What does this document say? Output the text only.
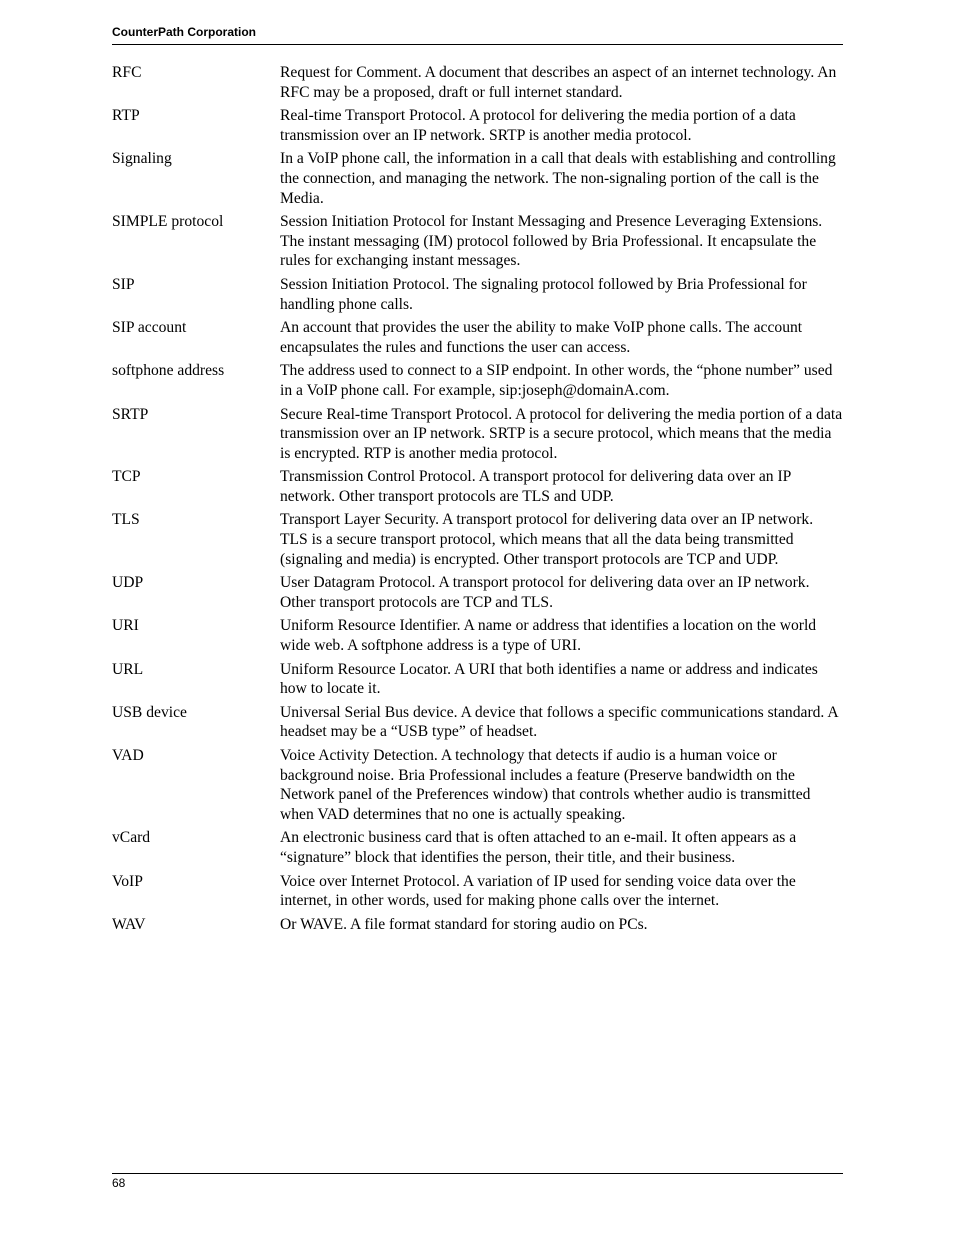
CounterPath Corporation
RFC	Request for Comment. A document that describes an aspect of an internet technology. An RFC may be a proposed, draft or full internet standard.
RTP	Real-time Transport Protocol. A protocol for delivering the media portion of a data transmission over an IP network. SRTP is another media protocol.
Signaling	In a VoIP phone call, the information in a call that deals with establishing and controlling the connection, and managing the network. The non-signaling portion of the call is the Media.
SIMPLE protocol	Session Initiation Protocol for Instant Messaging and Presence Leveraging Extensions. The instant messaging (IM) protocol followed by Bria Professional. It encapsulate the rules for exchanging instant messages.
SIP	Session Initiation Protocol. The signaling protocol followed by Bria Professional for handling phone calls.
SIP account	An account that provides the user the ability to make VoIP phone calls. The account encapsulates the rules and functions the user can access.
softphone address	The address used to connect to a SIP endpoint. In other words, the “phone number” used in a VoIP phone call. For example, sip:joseph@domainA.com.
SRTP	Secure Real-time Transport Protocol. A protocol for delivering the media portion of a data transmission over an IP network. SRTP is a secure protocol, which means that the media is encrypted. RTP is another media protocol.
TCP	Transmission Control Protocol. A transport protocol for delivering data over an IP network. Other transport protocols are TLS and UDP.
TLS	Transport Layer Security. A transport protocol for delivering data over an IP network. TLS is a secure transport protocol, which means that all the data being transmitted (signaling and media) is encrypted. Other transport protocols are TCP and UDP.
UDP	User Datagram Protocol. A transport protocol for delivering data over an IP network. Other transport protocols are TCP and TLS.
URI	Uniform Resource Identifier. A name or address that identifies a location on the world wide web. A softphone address is a type of URI.
URL	Uniform Resource Locator. A URI that both identifies a name or address and indicates how to locate it.
USB device	Universal Serial Bus device. A device that follows a specific communications standard. A headset may be a “USB type” of headset.
VAD	Voice Activity Detection. A technology that detects if audio is a human voice or background noise. Bria Professional includes a feature (Preserve bandwidth on the Network panel of the Preferences window) that controls whether audio is transmitted when VAD determines that no one is actually speaking.
vCard	An electronic business card that is often attached to an e-mail. It often appears as a “signature” block that identifies the person, their title, and their business.
VoIP	Voice over Internet Protocol. A variation of IP used for sending voice data over the internet, in other words, used for making phone calls over the internet.
WAV	Or WAVE. A file format standard for storing audio on PCs.
68
